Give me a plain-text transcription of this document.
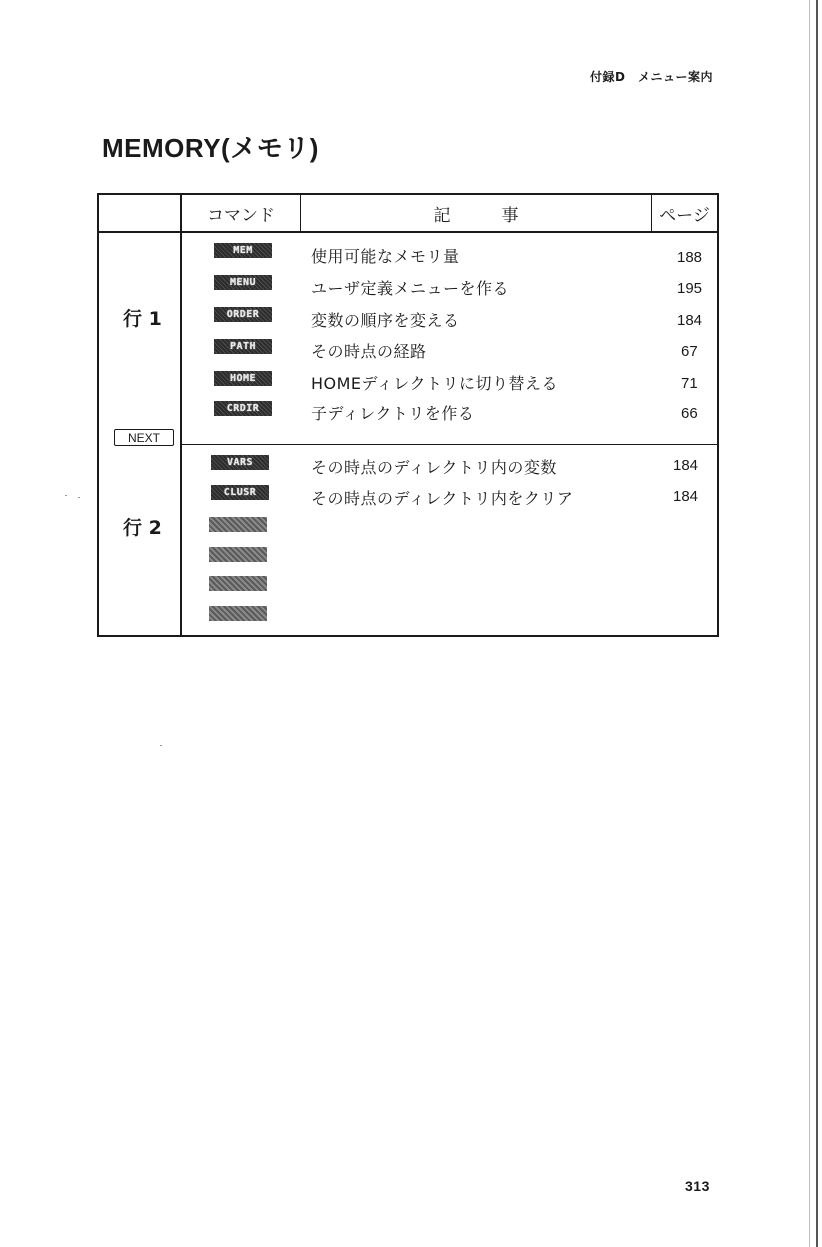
付録D　メニュー案内
MEMORY(メモリ)
コマンド	記　　　事	ページ
行 1
行 2
NEXT
MEM	使用可能なメモリ量	188
MENU	ユーザ定義メニューを作る	195
ORDER	変数の順序を変える	184
PATH	その時点の経路	67
HOME	HOMEディレクトリに切り替える	71
CRDIR	子ディレクトリを作る	66
VARS	その時点のディレクトリ内の変数	184
CLUSR	その時点のディレクトリ内をクリア	184
313
